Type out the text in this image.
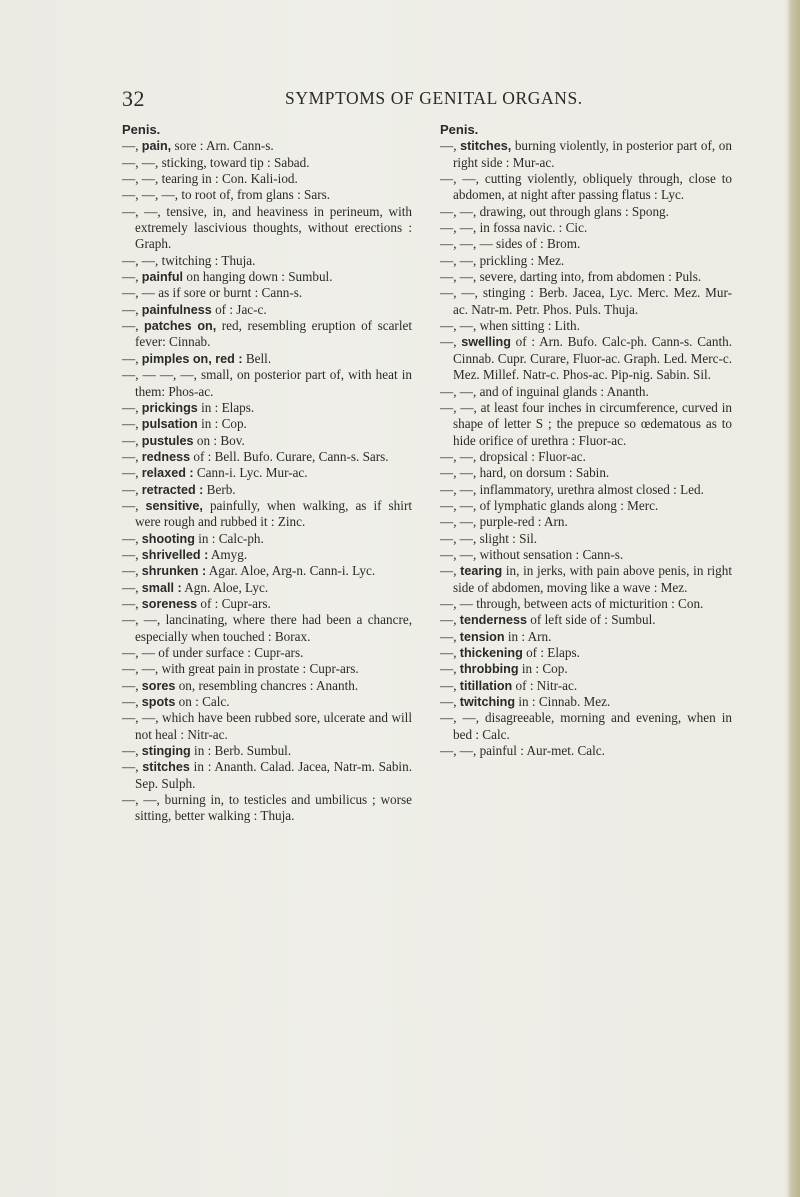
32	SYMPTOMS OF GENITAL ORGANS.
Penis.
—, pain, sore : Arn. Cann-s.
—, —, sticking, toward tip : Sabad.
—, —, tearing in : Con. Kali-iod.
—, —, —, to root of, from glans : Sars.
—, —, tensive, in, and heaviness in perineum, with extremely lascivious thoughts, without erections : Graph.
—, —, twitching : Thuja.
—, painful on hanging down : Sumbul.
—, — as if sore or burnt : Cann-s.
—, painfulness of : Jac-c.
—, patches on, red, resembling eruption of scarlet fever: Cinnab.
—, pimples on, red : Bell.
—, — —, —, small, on posterior part of, with heat in them: Phos-ac.
—, prickings in : Elaps.
—, pulsation in : Cop.
—, pustules on : Bov.
—, redness of : Bell. Bufo. Curare, Cann-s. Sars.
—, relaxed : Cann-i. Lyc. Mur-ac.
—, retracted : Berb.
—, sensitive, painfully, when walking, as if shirt were rough and rubbed it : Zinc.
—, shooting in : Calc-ph.
—, shrivelled : Amyg.
—, shrunken : Agar. Aloe, Arg-n. Cann-i. Lyc.
—, small : Agn. Aloe, Lyc.
—, soreness of : Cupr-ars.
—, —, lancinating, where there had been a chancre, especially when touched : Borax.
—, — of under surface : Cupr-ars.
—, —, with great pain in prostate : Cupr-ars.
—, sores on, resembling chancres : Ananth.
—, spots on : Calc.
—, —, which have been rubbed sore, ulcerate and will not heal : Nitr-ac.
—, stinging in : Berb. Sumbul.
—, stitches in : Ananth. Calad. Jacea, Natr-m. Sabin. Sep. Sulph.
—, —, burning in, to testicles and umbilicus ; worse sitting, better walking : Thuja.
Penis.
—, stitches, burning violently, in posterior part of, on right side : Mur-ac.
—, —, cutting violently, obliquely through, close to abdomen, at night after passing flatus : Lyc.
—, —, drawing, out through glans : Spong.
—, —, in fossa navic. : Cic.
—, —, — sides of : Brom.
—, —, prickling : Mez.
—, —, severe, darting into, from abdomen : Puls.
—, —, stinging : Berb. Jacea, Lyc. Merc. Mez. Mur-ac. Natr-m. Petr. Phos. Puls. Thuja.
—, —, when sitting : Lith.
—, swelling of : Arn. Bufo. Calc-ph. Cann-s. Canth. Cinnab. Cupr. Curare, Fluor-ac. Graph. Led. Merc-c. Mez. Millef. Natr-c. Phos-ac. Pip-nig. Sabin. Sil.
—, —, and of inguinal glands : Ananth.
—, —, at least four inches in circumference, curved in shape of letter S ; the prepuce so œdematous as to hide orifice of urethra : Fluor-ac.
—, —, dropsical : Fluor-ac.
—, —, hard, on dorsum : Sabin.
—, —, inflammatory, urethra almost closed : Led.
—, —, of lymphatic glands along : Merc.
—, —, purple-red : Arn.
—, —, slight : Sil.
—, —, without sensation : Cann-s.
—, tearing in, in jerks, with pain above penis, in right side of abdomen, moving like a wave : Mez.
—, — through, between acts of micturition : Con.
—, tenderness of left side of : Sumbul.
—, tension in : Arn.
—, thickening of : Elaps.
—, throbbing in : Cop.
—, titillation of : Nitr-ac.
—, twitching in : Cinnab. Mez.
—, —, disagreeable, morning and evening, when in bed : Calc.
—, —, painful : Aur-met. Calc.
